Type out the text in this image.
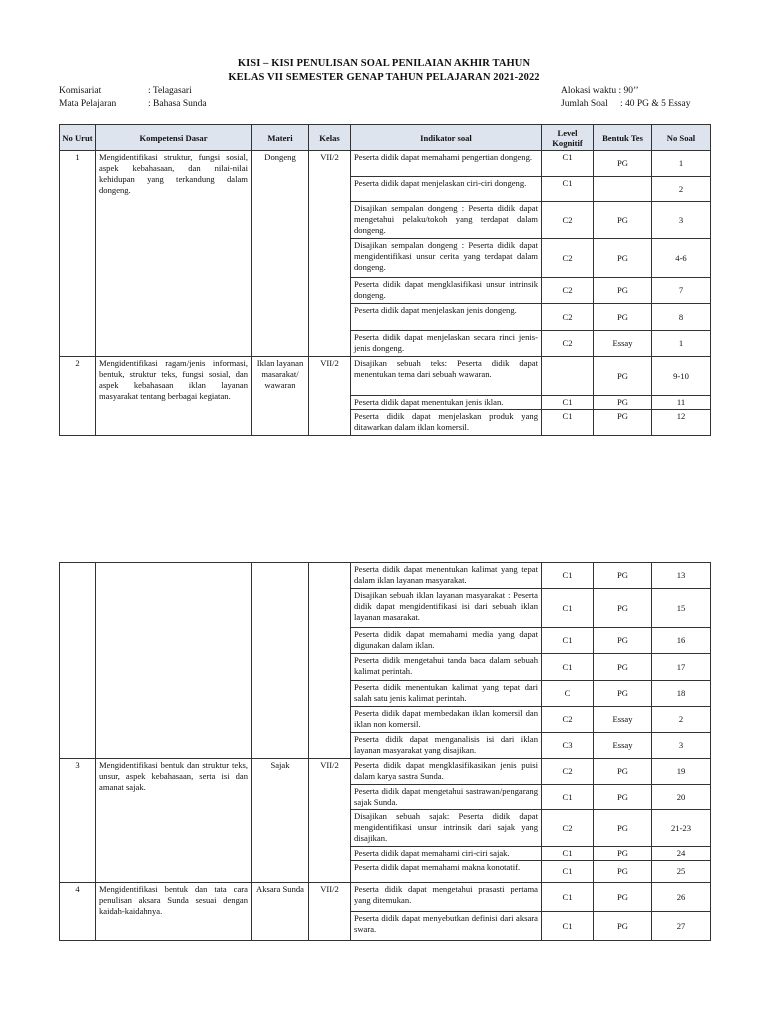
KISI – KISI PENULISAN SOAL PENILAIAN AKHIR TAHUN
KELAS VII SEMESTER GENAP TAHUN PELAJARAN 2021-2022
Komisariat	: Telagasari
Mata Pelajaran	: Bahasa Sunda
Alokasi waktu : 90’’
Jumlah Soal : 40 PG & 5 Essay
No Urut	Kompetensi Dasar	Materi	Kelas	Indikator soal	Level Kognitif	Bentuk Tes	No Soal
1	Mengidentifikasi struktur, fungsi sosial, aspek kebahasaan, dan nilai-nilai kehidupan yang terkandung dalam dongeng.	Dongeng	VII/2	Peserta didik dapat memahami pengertian dongeng.	C1	PG	1
				Peserta didik dapat menjelaskan ciri-ciri dongeng.	C1		2
				Disajikan sempalan dongeng : Peserta didik dapat mengetahui pelaku/tokoh yang terdapat dalam dongeng.	C2	PG	3
				Disajikan sempalan dongeng : Peserta didik dapat mengidentifikasi unsur cerita yang terdapat dalam dongeng.	C2	PG	4-6
				Peserta didik dapat mengklasifikasi unsur intrinsik dongeng.	C2	PG	7
				Peserta didik dapat menjelaskan jenis dongeng.	C2	PG	8
				Peserta didik dapat menjelaskan secara rinci jenis-jenis dongeng.	C2	Essay	1
2	Mengidentifikasi ragam/jenis informasi, bentuk, struktur teks, fungsi sosial, dan aspek kebahasaan iklan layanan masyarakat tentang berbagai kegiatan.	Iklan layanan masarakat/ wawaran	VII/2	Disajikan sebuah teks: Peserta didik dapat menentukan tema dari sebuah wawaran.		PG	9-10
				Peserta didik dapat menentukan jenis iklan.	C1	PG	11
				Peserta didik dapat menjelaskan produk yang ditawarkan dalam iklan komersil.	C1	PG	12
				Peserta didik dapat menentukan kalimat yang tepat dalam iklan layanan masyarakat.	C1	PG	13
				Disajikan sebuah iklan layanan masyarakat : Peserta didik dapat mengidentifikasi isi dari sebuah iklan layanan masarakat.	C1	PG	15
				Peserta didik dapat memahami media yang dapat digunakan dalam iklan.	C1	PG	16
				Peserta didik mengetahui tanda baca dalam sebuah kalimat perintah.	C1	PG	17
				Peserta didik menentukan kalimat yang tepat dari salah satu jenis kalimat perintah.	C	PG	18
				Peserta didik dapat membedakan iklan komersil dan iklan non komersil.	C2	Essay	2
				Peserta didik dapat menganalisis isi dari iklan layanan masyarakat yang disajikan.	C3	Essay	3
3	Mengidentifikasi bentuk dan struktur teks, unsur, aspek kebahasaan, serta isi dan amanat sajak.	Sajak	VII/2	Peserta didik dapat mengklasifikasikan jenis puisi dalam karya sastra Sunda.	C2	PG	19
				Peserta didik dapat mengetahui sastrawan/pengarang sajak Sunda.	C1	PG	20
				Disajikan sebuah sajak: Peserta didik dapat mengidentifikasi unsur intrinsik dari sajak yang disajikan.	C2	PG	21-23
				Peserta didik dapat memahami ciri-ciri sajak.	C1	PG	24
				Peserta didik dapat memahami makna konotatif.	C1	PG	25
4	Mengidentifikasi bentuk dan tata cara penulisan aksara Sunda sesuai dengan kaidah-kaidahnya.	Aksara Sunda	VII/2	Peserta didik dapat mengetahui prasasti pertama yang ditemukan.	C1	PG	26
				Peserta didik dapat menyebutkan definisi dari aksara swara.	C1	PG	27
